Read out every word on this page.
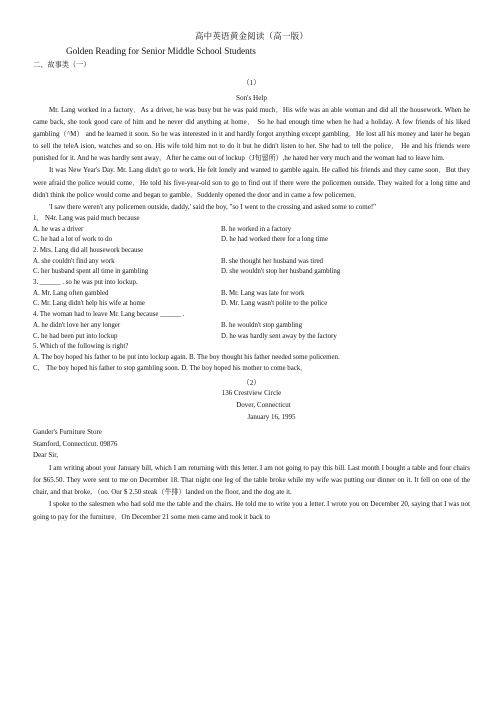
高中英语黄金阅读（高一版）
Golden Reading for Senior Middle School Students
二、故事类（一）
（1）
Son's Help

Mr. Lang worked in a factory．As a driver, he was busy but he was paid much．His wife was an able woman and did all the housework. When he came back, she took good care of him and he never did anything at home． So he had enough time when he had a holiday. A few friends of his liked gambling（^M） and he learned it soon. So he was interested in it and hardly forgot anything except gambling．He lost all his money and later he began to sell the teleA ision, watches and so on. His wife told him not to do it but he didn't listen to her. She had to tell the police． He and his friends were punished for it. And he was hardly sent away．After he came out of lockup（J旬留所）,he hated her very much and the woman had to leave him.

It was New Year's Day. Mr. Lang didn't go to work. He felt lonely and wanted to gamble again. He called his friends and they came soon．But they were afraid the police would come．He told his five-year-old son to go to find out if there were the policemen outside. They waited for a long time and didn't think the police would come and began to gamble．Suddenly opened the door and in came a few policemen．

'I saw there weren't any policemen outside, daddy,' said the boy, "so I went to the crossing and asked some to come!"

1． N4r. Lang was paid much because
A. he was a driver	B. he worked in a factory
C. he had a lot of work to do	D. he had worked there for a long time
2. Mrs. Lang did all housework because
A. she couldn't find any work	B. she thought her husband was tired
C. her husband spent all time in gambling	D. she wouldn't stop her husband gambling
3. ______ . so he was put into lockup.
A. Mr. Lang often gambled	B. Mr. Lang was late for work
C. Mr. Lang didn't help his wife at home	D. Mr. Lang wasn't polite to the police
4. The woman had to leave Mr. Lang because ______ .
A. he didn't love her any longer	B. he wouldn't stop gambling
C. he had been put into lockup	D. he was hardly sent away by the factory
5. Which of the following is right?
A. The boy hoped his father to be put into lockup again. B. The boy thought his father needed some policemen.
C． The boy hoped his father to stop gambling soon. D. The boy hoped his mother to come back．
（2）
136 Crestview Circle
Dover, Connecticut
January 16, 1995
Gander's Furniture Store
Stamford, Connecticut. 09876
Dear Sir,

I am writing about your January bill, which I am returning with this letter. I am not going to pay this bill. Last month I bought a table and four chairs for $65.50. They were sent to me on December 18. That night one leg of the table broke while my wife was putting our dinner on it. It fell on one of the chair, and that broke, （oo. Our $ 2.50 steak（牛排）landed on the floor, and the dog ate it.

I spoke to the salesmen who had sold me the table and the chairs. He told me to write you a letter. I wrote you on December 20, saying that I was not going to pay for the furniture．On December 21 some men came and took it back to
